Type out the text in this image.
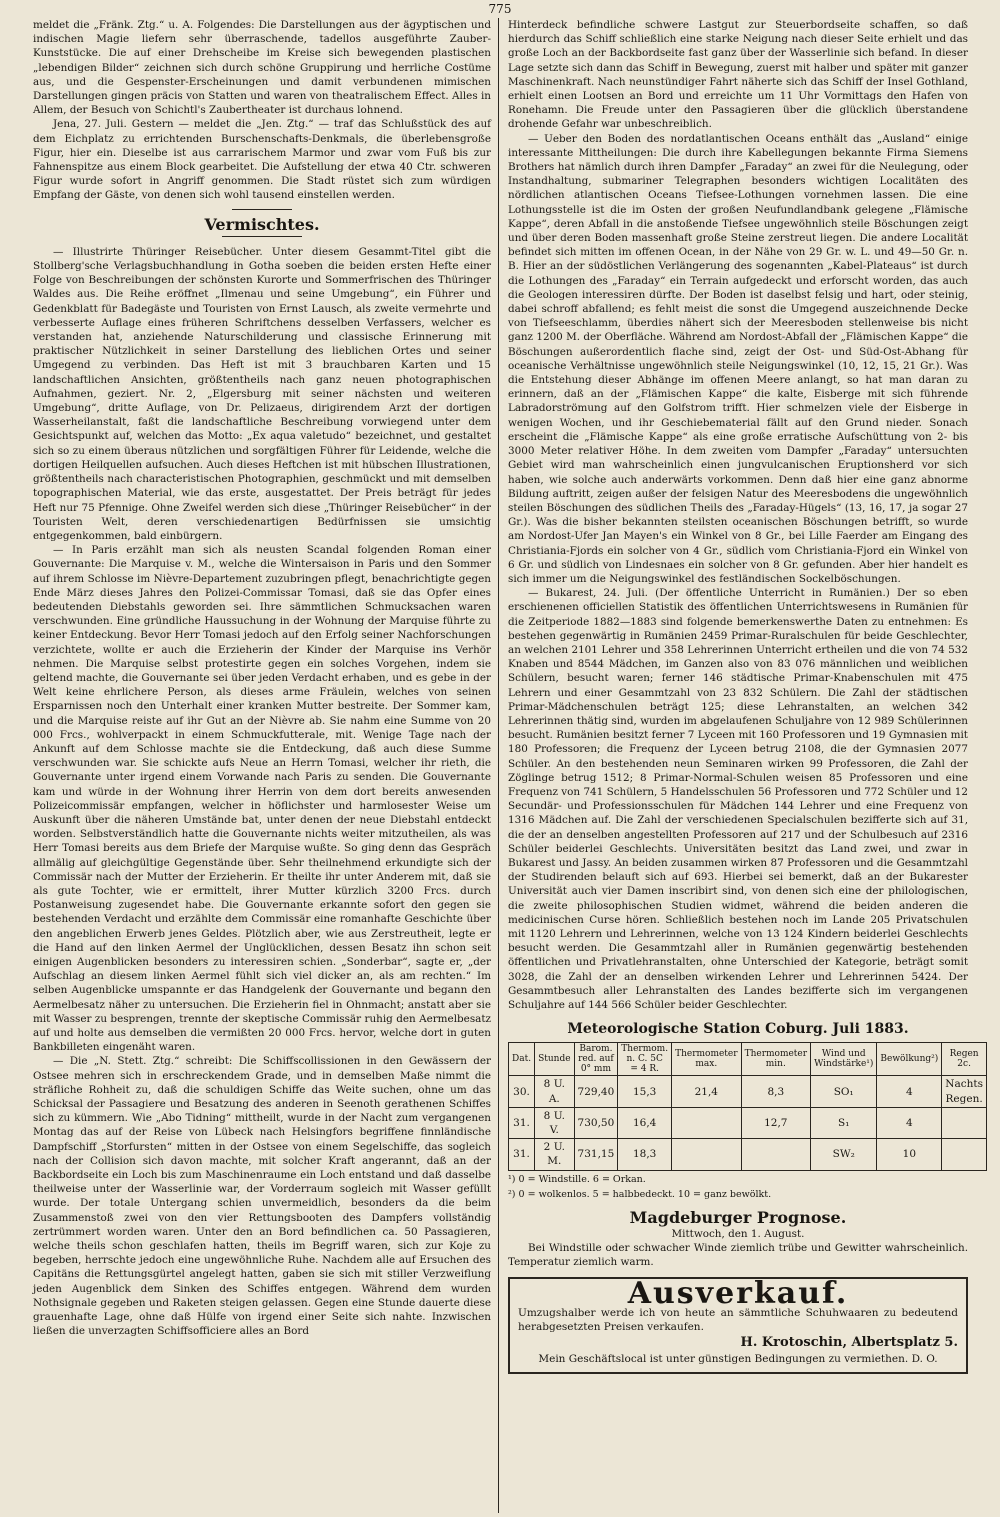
775

meldet die „Fränk. Ztg.“ u. A. Folgendes: Die Darstellungen aus der ägyptischen und indischen Magie liefern sehr überraschende, tadellos ausgeführte Zauber-Kunststücke. Die auf einer Drehscheibe im Kreise sich bewegenden plastischen „lebendigen Bilder“ zeichnen sich durch schöne Gruppirung und herrliche Costüme aus, und die Gespenster-Erscheinungen und damit verbundenen mimischen Darstellungen gingen präcis von Statten und waren von theatralischem Effect. Alles in Allem, der Besuch von Schichtl's Zaubertheater ist durchaus lohnend.

Jena, 27. Juli. Gestern — meldet die „Jen. Ztg.“ — traf das Schlußstück des auf dem Eichplatz zu errichtenden Burschenschafts-Denkmals, die überlebensgroße Figur, hier ein. Dieselbe ist aus carrarischem Marmor und zwar vom Fuß bis zur Fahnenspitze aus einem Block gearbeitet. Die Aufstellung der etwa 40 Ctr. schweren Figur wurde sofort in Angriff genommen. Die Stadt rüstet sich zum würdigen Empfang der Gäste, von denen sich wohl tausend einstellen werden.

Vermischtes.

— Illustrirte Thüringer Reisebücher. Unter diesem Gesammt-Titel gibt die Stollberg'sche Verlagsbuchhandlung in Gotha soeben die beiden ersten Hefte einer Folge von Beschreibungen der schönsten Kurorte und Sommerfrischen des Thüringer Waldes aus. Die Reihe eröffnet „Ilmenau und seine Umgebung“, ein Führer und Gedenkblatt für Badegäste und Touristen von Ernst Lausch, als zweite vermehrte und verbesserte Auflage eines früheren Schriftchens desselben Verfassers, welcher es verstanden hat, anziehende Naturschilderung und classische Erinnerung mit praktischer Nützlichkeit in seiner Darstellung des lieblichen Ortes und seiner Umgegend zu verbinden. Das Heft ist mit 3 brauchbaren Karten und 15 landschaftlichen Ansichten, größtentheils nach ganz neuen photographischen Aufnahmen, geziert. Nr. 2, „Elgersburg mit seiner nächsten und weiteren Umgebung“, dritte Auflage, von Dr. Pelizaeus, dirigirendem Arzt der dortigen Wasserheilanstalt, faßt die landschaftliche Beschreibung vorwiegend unter dem Gesichtspunkt auf, welchen das Motto: „Ex aqua valetudo“ bezeichnet, und gestaltet sich so zu einem überaus nützlichen und sorgfältigen Führer für Leidende, welche die dortigen Heilquellen aufsuchen. Auch dieses Heftchen ist mit hübschen Illustrationen, größtentheils nach characteristischen Photographien, geschmückt und mit demselben topographischen Material, wie das erste, ausgestattet. Der Preis beträgt für jedes Heft nur 75 Pfennige. Ohne Zweifel werden sich diese „Thüringer Reisebücher“ in der Touristen Welt, deren verschiedenartigen Bedürfnissen sie umsichtig entgegenkommen, bald einbürgern.

— In Paris erzählt man sich als neusten Scandal folgenden Roman einer Gouvernante: Die Marquise v. M., welche die Wintersaison in Paris und den Sommer auf ihrem Schlosse im Nièvre-Departement zuzubringen pflegt, benachrichtigte gegen Ende März dieses Jahres den Polizei-Commissar Tomasi, daß sie das Opfer eines bedeutenden Diebstahls geworden sei. Ihre sämmtlichen Schmucksachen waren verschwunden. Eine gründliche Haussuchung in der Wohnung der Marquise führte zu keiner Entdeckung. Bevor Herr Tomasi jedoch auf den Erfolg seiner Nachforschungen verzichtete, wollte er auch die Erzieherin der Kinder der Marquise ins Verhör nehmen. Die Marquise selbst protestirte gegen ein solches Vorgehen, indem sie geltend machte, die Gouvernante sei über jeden Verdacht erhaben, und es gebe in der Welt keine ehrlichere Person, als dieses arme Fräulein, welches von seinen Ersparnissen noch den Unterhalt einer kranken Mutter bestreite. Der Sommer kam, und die Marquise reiste auf ihr Gut an der Nièvre ab. Sie nahm eine Summe von 20 000 Frcs., wohlverpackt in einem Schmuckfutterale, mit. Wenige Tage nach der Ankunft auf dem Schlosse machte sie die Entdeckung, daß auch diese Summe verschwunden war. Sie schickte aufs Neue an Herrn Tomasi, welcher ihr rieth, die Gouvernante unter irgend einem Vorwande nach Paris zu senden. Die Gouvernante kam und würde in der Wohnung ihrer Herrin von dem dort bereits anwesenden Polizeicommissär empfangen, welcher in höflichster und harmlosester Weise um Auskunft über die näheren Umstände bat, unter denen der neue Diebstahl entdeckt worden. Selbstverständlich hatte die Gouvernante nichts weiter mitzutheilen, als was Herr Tomasi bereits aus dem Briefe der Marquise wußte. So ging denn das Gespräch allmälig auf gleichgültige Gegenstände über. Sehr theilnehmend erkundigte sich der Commissär nach der Mutter der Erzieherin. Er theilte ihr unter Anderem mit, daß sie als gute Tochter, wie er ermittelt, ihrer Mutter kürzlich 3200 Frcs. durch Postanweisung zugesendet habe. Die Gouvernante erkannte sofort den gegen sie bestehenden Verdacht und erzählte dem Commissär eine romanhafte Geschichte über den angeblichen Erwerb jenes Geldes. Plötzlich aber, wie aus Zerstreutheit, legte er die Hand auf den linken Aermel der Unglücklichen, dessen Besatz ihn schon seit einigen Augenblicken besonders zu interessiren schien. „Sonderbar“, sagte er, „der Aufschlag an diesem linken Aermel fühlt sich viel dicker an, als am rechten.“ Im selben Augenblicke umspannte er das Handgelenk der Gouvernante und begann den Aermelbesatz näher zu untersuchen. Die Erzieherin fiel in Ohnmacht; anstatt aber sie mit Wasser zu besprengen, trennte der skeptische Commissär ruhig den Aermelbesatz auf und holte aus demselben die vermißten 20 000 Frcs. hervor, welche dort in guten Bankbilleten eingenäht waren.

— Die „N. Stett. Ztg.“ schreibt: Die Schiffscollissionen in den Gewässern der Ostsee mehren sich in erschreckendem Grade, und in demselben Maße nimmt die sträfliche Rohheit zu, daß die schuldigen Schiffe das Weite suchen, ohne um das Schicksal der Passagiere und Besatzung des anderen in Seenoth gerathenen Schiffes sich zu kümmern. Wie „Abo Tidning“ mittheilt, wurde in der Nacht zum vergangenen Montag das auf der Reise von Lübeck nach Helsingfors begriffene finnländische Dampfschiff „Storfursten“ mitten in der Ostsee von einem Segelschiffe, das sogleich nach der Collision sich davon machte, mit solcher Kraft angerannt, daß an der Backbordseite ein Loch bis zum Maschinenraume ein Loch entstand und daß dasselbe theilweise unter der Wasserlinie war, der Vorderraum sogleich mit Wasser gefüllt wurde. Der totale Untergang schien unvermeidlich, besonders da die beim Zusammenstoß zwei von den vier Rettungsbooten des Dampfers vollständig zertrümmert worden waren. Unter den an Bord befindlichen ca. 50 Passagieren, welche theils schon geschlafen hatten, theils im Begriff waren, sich zur Koje zu begeben, herrschte jedoch eine ungewöhnliche Ruhe. Nachdem alle auf Ersuchen des Capitäns die Rettungsgürtel angelegt hatten, gaben sie sich mit stiller Verzweiflung jeden Augenblick dem Sinken des Schiffes entgegen. Während dem wurden Nothsignale gegeben und Raketen steigen gelassen. Gegen eine Stunde dauerte diese grauenhafte Lage, ohne daß Hülfe von irgend einer Seite sich nahte. Inzwischen ließen die unverzagten Schiffsofficiere alles an Bord

Hinterdeck befindliche schwere Lastgut zur Steuerbordseite schaffen, so daß hierdurch das Schiff schließlich eine starke Neigung nach dieser Seite erhielt und das große Loch an der Backbordseite fast ganz über der Wasserlinie sich befand. In dieser Lage setzte sich dann das Schiff in Bewegung, zuerst mit halber und später mit ganzer Maschinenkraft. Nach neunstündiger Fahrt näherte sich das Schiff der Insel Gothland, erhielt einen Lootsen an Bord und erreichte um 11 Uhr Vormittags den Hafen von Ronehamn. Die Freude unter den Passagieren über die glücklich überstandene drohende Gefahr war unbeschreiblich.

— Ueber den Boden des nordatlantischen Oceans enthält das „Ausland“ einige interessante Mittheilungen: Die durch ihre Kabellegungen bekannte Firma Siemens Brothers hat nämlich durch ihren Dampfer „Faraday“ an zwei für die Neulegung, oder Instandhaltung, submariner Telegraphen besonders wichtigen Localitäten des nördlichen atlantischen Oceans Tiefsee-Lothungen vornehmen lassen. Die eine Lothungsstelle ist die im Osten der großen Neufundlandbank gelegene „Flämische Kappe“, deren Abfall in die anstoßende Tiefsee ungewöhnlich steile Böschungen zeigt und über deren Boden massenhaft große Steine zerstreut liegen. Die andere Localität befindet sich mitten im offenen Ocean, in der Nähe von 29 Gr. w. L. und 49—50 Gr. n. B. Hier an der südöstlichen Verlängerung des sogenannten „Kabel-Plateaus“ ist durch die Lothungen des „Faraday“ ein Terrain aufgedeckt und erforscht worden, das auch die Geologen interessiren dürfte. Der Boden ist daselbst felsig und hart, oder steinig, dabei schroff abfallend; es fehlt meist die sonst die Umgegend auszeichnende Decke von Tiefseeschlamm, überdies nähert sich der Meeresboden stellenweise bis nicht ganz 1200 M. der Oberfläche. Während am Nordost-Abfall der „Flämischen Kappe“ die Böschungen außerordentlich flache sind, zeigt der Ost- und Süd-Ost-Abhang für oceanische Verhältnisse ungewöhnlich steile Neigungswinkel (10, 12, 15, 21 Gr.). Was die Entstehung dieser Abhänge im offenen Meere anlangt, so hat man daran zu erinnern, daß an der „Flämischen Kappe“ die kalte, Eisberge mit sich führende Labradorströmung auf den Golfstrom trifft. Hier schmelzen viele der Eisberge in wenigen Wochen, und ihr Geschiebematerial fällt auf den Grund nieder. Sonach erscheint die „Flämische Kappe“ als eine große erratische Aufschüttung von 2- bis 3000 Meter relativer Höhe. In dem zweiten vom Dampfer „Faraday“ untersuchten Gebiet wird man wahrscheinlich einen jungvulcanischen Eruptionsherd vor sich haben, wie solche auch anderwärts vorkommen. Denn daß hier eine ganz abnorme Bildung auftritt, zeigen außer der felsigen Natur des Meeresbodens die ungewöhnlich steilen Böschungen des südlichen Theils des „Faraday-Hügels“ (13, 16, 17, ja sogar 27 Gr.). Was die bisher bekannten steilsten oceanischen Böschungen betrifft, so wurde am Nordost-Ufer Jan Mayen's ein Winkel von 8 Gr., bei Lille Faerder am Eingang des Christiania-Fjords ein solcher von 4 Gr., südlich vom Christiania-Fjord ein Winkel von 6 Gr. und südlich von Lindesnaes ein solcher von 8 Gr. gefunden. Aber hier handelt es sich immer um die Neigungswinkel des festländischen Sockelböschungen.

— Bukarest, 24. Juli. (Der öffentliche Unterricht in Rumänien.) Der so eben erschienenen officiellen Statistik des öffentlichen Unterrichtswesens in Rumänien für die Zeitperiode 1882—1883 sind folgende bemerkenswerthe Daten zu entnehmen: Es bestehen gegenwärtig in Rumänien 2459 Primar-Ruralschulen für beide Geschlechter, an welchen 2101 Lehrer und 358 Lehrerinnen Unterricht ertheilen und die von 74 532 Knaben und 8544 Mädchen, im Ganzen also von 83 076 männlichen und weiblichen Schülern, besucht waren; ferner 146 städtische Primar-Knabenschulen mit 475 Lehrern und einer Gesammtzahl von 23 832 Schülern. Die Zahl der städtischen Primar-Mädchenschulen beträgt 125; diese Lehranstalten, an welchen 342 Lehrerinnen thätig sind, wurden im abgelaufenen Schuljahre von 12 989 Schülerinnen besucht. Rumänien besitzt ferner 7 Lyceen mit 160 Professoren und 19 Gymnasien mit 180 Professoren; die Frequenz der Lyceen betrug 2108, die der Gymnasien 2077 Schüler. An den bestehenden neun Seminaren wirken 99 Professoren, die Zahl der Zöglinge betrug 1512; 8 Primar-Normal-Schulen weisen 85 Professoren und eine Frequenz von 741 Schülern, 5 Handelsschulen 56 Professoren und 772 Schüler und 12 Secundär- und Professionsschulen für Mädchen 144 Lehrer und eine Frequenz von 1316 Mädchen auf. Die Zahl der verschiedenen Specialschulen bezifferte sich auf 31, die der an denselben angestellten Professoren auf 217 und der Schulbesuch auf 2316 Schüler beiderlei Geschlechts. Universitäten besitzt das Land zwei, und zwar in Bukarest und Jassy. An beiden zusammen wirken 87 Professoren und die Gesammtzahl der Studirenden belauft sich auf 693. Hierbei sei bemerkt, daß an der Bukarester Universität auch vier Damen inscribirt sind, von denen sich eine der philologischen, die zweite philosophischen Studien widmet, während die beiden anderen die medicinischen Curse hören. Schließlich bestehen noch im Lande 205 Privatschulen mit 1120 Lehrern und Lehrerinnen, welche von 13 124 Kindern beiderlei Geschlechts besucht werden. Die Gesammtzahl aller in Rumänien gegenwärtig bestehenden öffentlichen und Privatlehranstalten, ohne Unterschied der Kategorie, beträgt somit 3028, die Zahl der an denselben wirkenden Lehrer und Lehrerinnen 5424. Der Gesammtbesuch aller Lehranstalten des Landes bezifferte sich im vergangenen Schuljahre auf 144 566 Schüler beider Geschlechter.

Meteorologische Station Coburg. Juli 1883.
Dat.	Stunde	Barom. red. auf 0° mm	Thermom. n. C. 5C = 4 R.	Thermometer max.	Thermometer min.	Wind und Windstärke¹)	Bewölkung²)	Regen 2c.
30.	8 U. A.	729,40	15,3	21,4	8,3	SO₁	4	Nachts Regen.
31.	8 U. V.	730,50	16,4		12,7	S₁	4	
31.	2 U. M.	731,15	18,3			SW₂	10	
¹) 0 = Windstille. 6 = Orkan.
²) 0 = wolkenlos. 5 = halbbedeckt. 10 = ganz bewölkt.
Magdeburger Prognose.
Mittwoch, den 1. August.

Bei Windstille oder schwacher Winde ziemlich trübe und Gewitter wahrscheinlich. Temperatur ziemlich warm.

Ausverkauf.
Umzugshalber werde ich von heute an sämmtliche Schuhwaaren zu bedeutend herabgesetzten Preisen verkaufen.
H. Krotoschin, Albertsplatz 5.
Mein Geschäftslocal ist unter günstigen Bedingungen zu vermiethen. D. O.
